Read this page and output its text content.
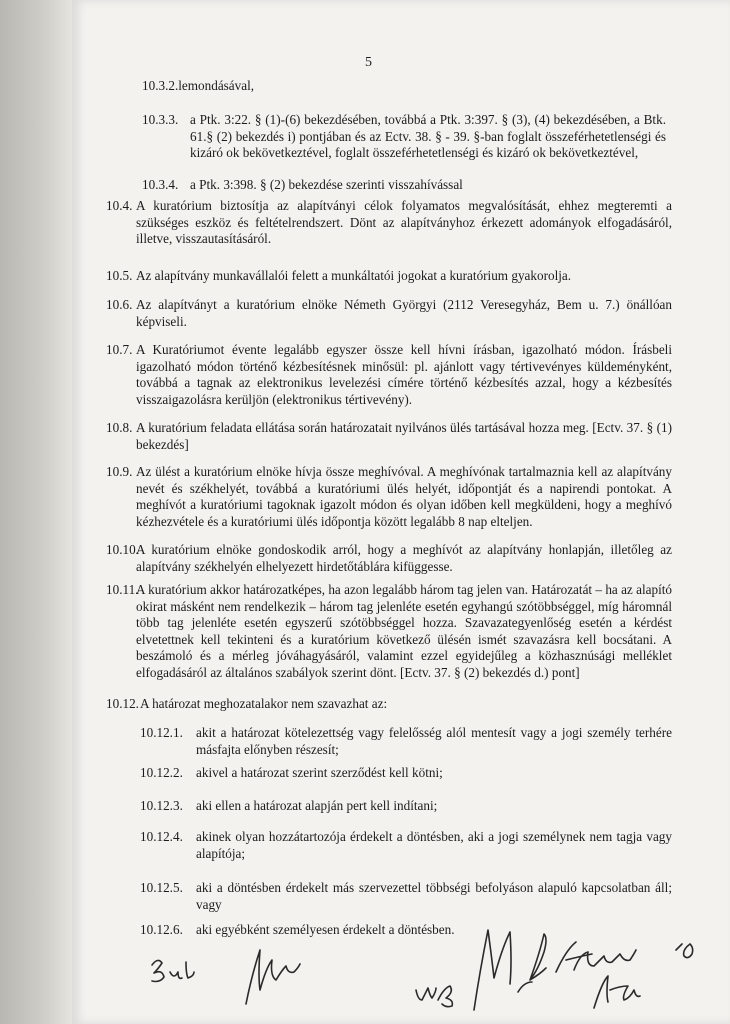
5
10.3.2.lemondásával,
10.3.3. a Ptk. 3:22. § (1)-(6) bekezdésében, továbbá a Ptk. 3:397. § (3), (4) bekezdésében, a Btk. 61.§ (2) bekezdés i) pontjában és az Ectv. 38. § - 39. §-ban foglalt összeférhetetlenségi és kizáró ok bekövetkeztével, foglalt összeférhetetlenségi és kizáró ok bekövetkeztével,
10.3.4. a Ptk. 3:398. § (2) bekezdése szerinti visszahívással
10.4. A kuratórium biztosítja az alapítványi célok folyamatos megvalósítását, ehhez megteremti a szükséges eszköz és feltételrendszert. Dönt az alapítványhoz érkezett adományok elfogadásáról, illetve, visszautasításáról.
10.5. Az alapítvány munkavállalói felett a munkáltatói jogokat a kuratórium gyakorolja.
10.6. Az alapítványt a kuratórium elnöke Németh Györgyi (2112 Veresegyház, Bem u. 7.) önállóan képviseli.
10.7. A Kuratóriumot évente legalább egyszer össze kell hívni írásban, igazolható módon. Írásbeli igazolható módon történő kézbesítésnek minősül: pl. ajánlott vagy tértivevényes küldeményként, továbbá a tagnak az elektronikus levelezési címére történő kézbesítés azzal, hogy a kézbesítés visszaigazolásra kerüljön (elektronikus tértivevény).
10.8. A kuratórium feladata ellátása során határozatait nyilvános ülés tartásával hozza meg. [Ectv. 37. § (1) bekezdés]
10.9. Az ülést a kuratórium elnöke hívja össze meghívóval. A meghívónak tartalmaznia kell az alapítvány nevét és székhelyét, továbbá a kuratóriumi ülés helyét, időpontját és a napirendi pontokat. A meghívót a kuratóriumi tagoknak igazolt módon és olyan időben kell megküldeni, hogy a meghívó kézhezvétele és a kuratóriumi ülés időpontja között legalább 8 nap elteljen.
10.10.
A kuratórium elnöke gondoskodik arról, hogy a meghívót az alapítvány honlapján, illetőleg az alapítvány székhelyén elhelyezett hirdetőtáblára kifüggesse.
10.11.
A kuratórium akkor határozatképes, ha azon legalább három tag jelen van. Határozatát – ha az alapító okirat másként nem rendelkezik – három tag jelenléte esetén egyhangú szótöbbséggel, míg háromnál több tag jelenléte esetén egyszerű szótöbbséggel hozza. Szavazategyenlőség esetén a kérdést elvetettnek kell tekinteni és a kuratórium következő ülésén ismét szavazásra kell bocsátani. A beszámoló és a mérleg jóváhagyásáról, valamint ezzel egyidejűleg a közhasznúsági melléklet elfogadásáról az általános szabályok szerint dönt. [Ectv. 37. § (2) bekezdés d.) pont]
10.12. A határozat meghozatalakor nem szavazhat az:
10.12.1. akit a határozat kötelezettség vagy felelősség alól mentesít vagy a jogi személy terhére másfajta előnyben részesít;
10.12.2. akivel a határozat szerint szerződést kell kötni;
10.12.3. aki ellen a határozat alapján pert kell indítani;
10.12.4. akinek olyan hozzátartozója érdekelt a döntésben, aki a jogi személynek nem tagja vagy alapítója;
10.12.5. aki a döntésben érdekelt más szervezettel többségi befolyáson alapuló kapcsolatban áll; vagy
10.12.6. aki egyébként személyesen érdekelt a döntésben.
